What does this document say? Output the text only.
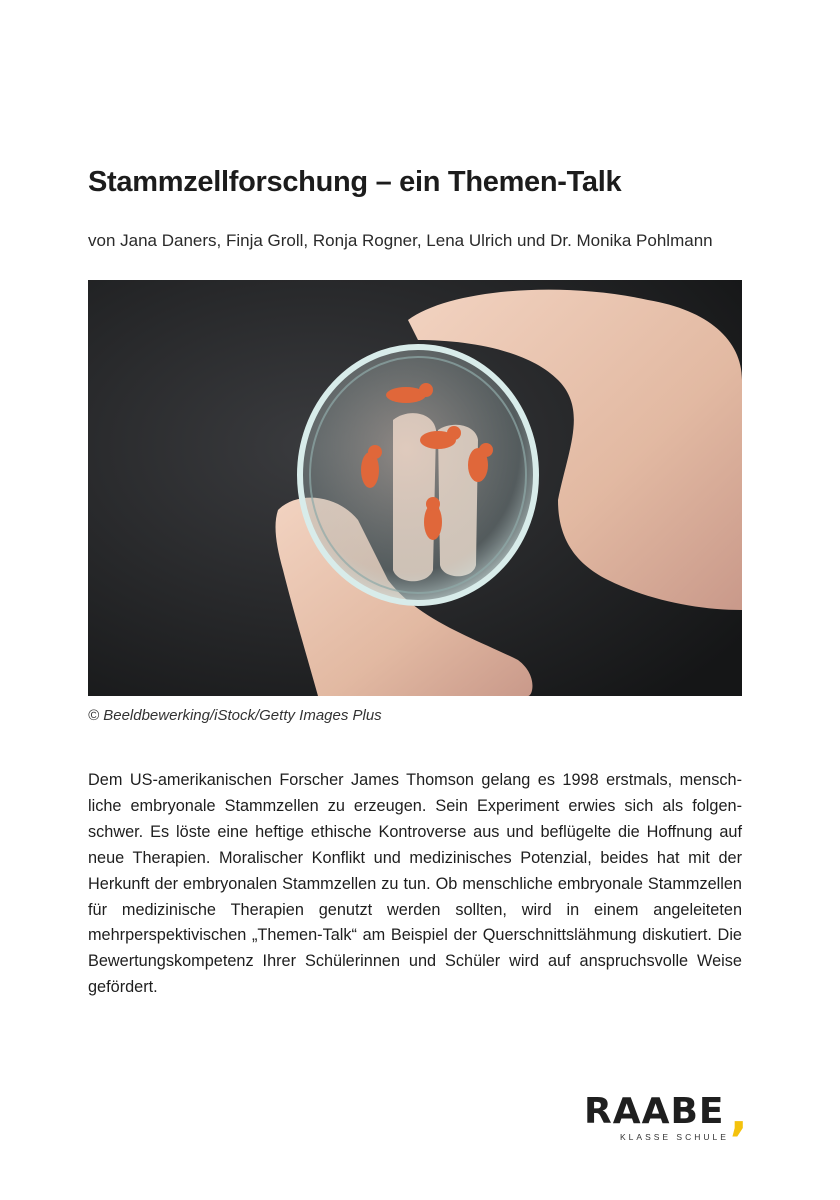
Stammzellforschung – ein Themen-Talk

von Jana Daners, Finja Groll, Ronja Rogner, Lena Ulrich und Dr. Monika Pohlmann

© Beeldbewerking/iStock/Getty Images Plus

Dem US-amerikanischen Forscher James Thomson gelang es 1998 erstmals, menschliche embryonale Stammzellen zu erzeugen. Sein Experiment erwies sich als folgenschwer. Es löste eine heftige ethische Kontroverse aus und beflügelte die Hoffnung auf neue Therapien. Moralischer Konflikt und medizinisches Potenzial, beides hat mit der Herkunft der embryonalen Stammzellen zu tun. Ob menschliche embryonale Stammzellen für medizinische Therapien genutzt werden sollten, wird in einem angeleiteten mehrperspektivischen „Themen-Talk“ am Beispiel der Querschnittslähmung diskutiert. Die Bewertungskompetenz Ihrer Schülerinnen und Schüler wird auf anspruchsvolle Weise gefördert.

RAABE ,
KLASSE SCHULE
